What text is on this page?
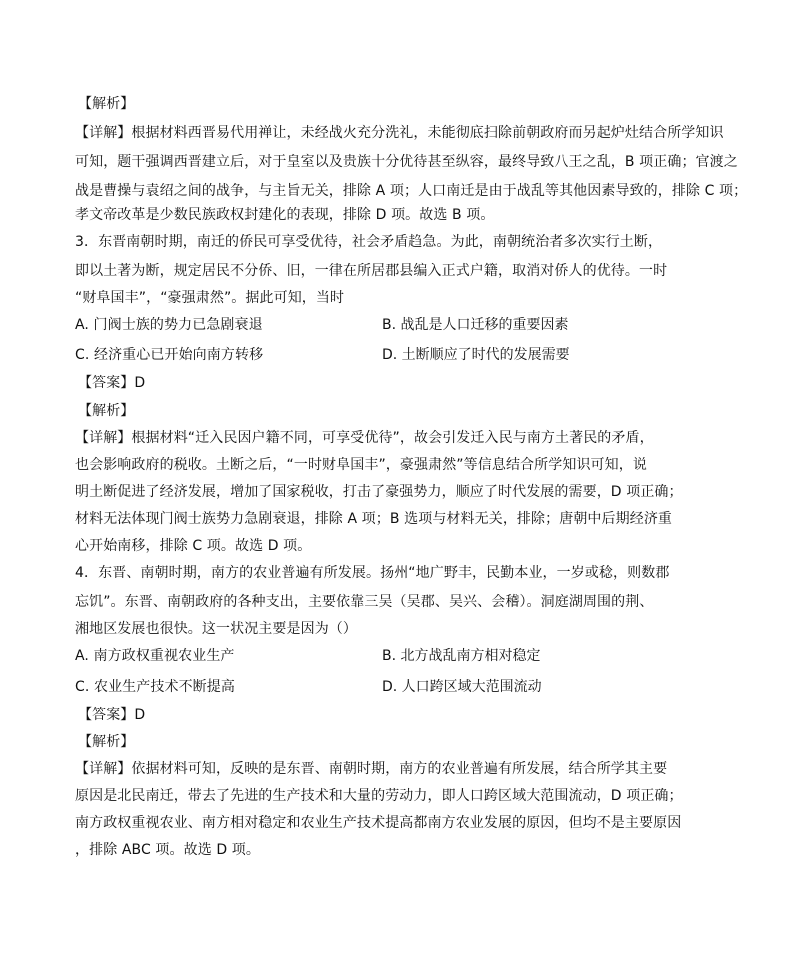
【解析】
【详解】根据材料西晋易代用禅让，未经战火充分洗礼，未能彻底扫除前朝政府而另起炉灶结合所学知识
可知，题干强调西晋建立后，对于皇室以及贵族十分优待甚至纵容，最终导致八王之乱，B 项正确；官渡之
战是曹操与袁绍之间的战争，与主旨无关，排除 A 项；人口南迁是由于战乱等其他因素导致的，排除 C 项；
孝文帝改革是少数民族政权封建化的表现，排除 D 项。故选 B 项。
3．东晋南朝时期，南迁的侨民可享受优待，社会矛盾趋急。为此，南朝统治者多次实行土断，
即以土著为断，规定居民不分侨、旧，一律在所居郡县编入正式户籍，取消对侨人的优待。一时
“财阜国丰”，“豪强肃然”。据此可知，当时
A. 门阀士族的势力已急剧衰退	B. 战乱是人口迁移的重要因素
C. 经济重心已开始向南方转移	D. 土断顺应了时代的发展需要
【答案】D
【解析】
【详解】根据材料“迁入民因户籍不同，可享受优待”，故会引发迁入民与南方土著民的矛盾，
也会影响政府的税收。土断之后，“一时财阜国丰”，豪强肃然”等信息结合所学知识可知，说
明土断促进了经济发展，增加了国家税收，打击了豪强势力，顺应了时代发展的需要，D 项正确；
材料无法体现门阀士族势力急剧衰退，排除 A 项；B 选项与材料无关，排除；唐朝中后期经济重
心开始南移，排除 C 项。故选 D 项。
4．东晋、南朝时期，南方的农业普遍有所发展。扬州“地广野丰，民勤本业，一岁或稔，则数郡
忘饥”。东晋、南朝政府的各种支出，主要依靠三吴（吴郡、吴兴、会稽）。洞庭湖周围的荆、
湘地区发展也很快。这一状况主要是因为（）
A. 南方政权重视农业生产	B. 北方战乱南方相对稳定
C. 农业生产技术不断提高	D. 人口跨区域大范围流动
【答案】D
【解析】
【详解】依据材料可知，反映的是东晋、南朝时期，南方的农业普遍有所发展，结合所学其主要
原因是北民南迁，带去了先进的生产技术和大量的劳动力，即人口跨区域大范围流动，D 项正确；
南方政权重视农业、南方相对稳定和农业生产技术提高都南方农业发展的原因，但均不是主要原因
，排除 ABC 项。故选 D 项。
